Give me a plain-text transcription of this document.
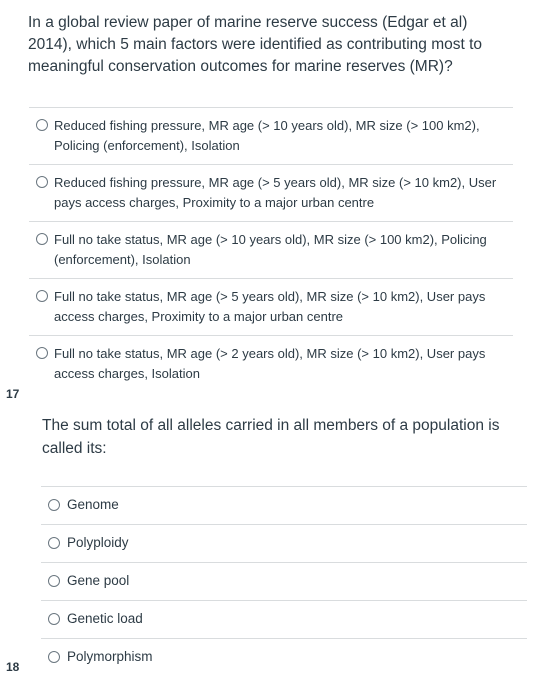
In a global review paper of marine reserve success (Edgar et al) 2014), which 5 main factors were identified as contributing most to meaningful conservation outcomes for marine reserves (MR)?
Reduced fishing pressure, MR age (> 10 years old), MR size (> 100 km2), Policing (enforcement), Isolation
Reduced fishing pressure, MR age (> 5 years old), MR size (> 10 km2), User pays access charges, Proximity to a major urban centre
Full no take status, MR age (> 10 years old), MR size (> 100 km2), Policing (enforcement), Isolation
Full no take status, MR age (> 5 years old), MR size (> 10 km2), User pays access charges, Proximity to a major urban centre
Full no take status, MR age (> 2 years old), MR size (> 10 km2), User pays access charges, Isolation
17
The sum total of all alleles carried in all members of a population is called its:
Genome
Polyploidy
Gene pool
Genetic load
Polymorphism
18
